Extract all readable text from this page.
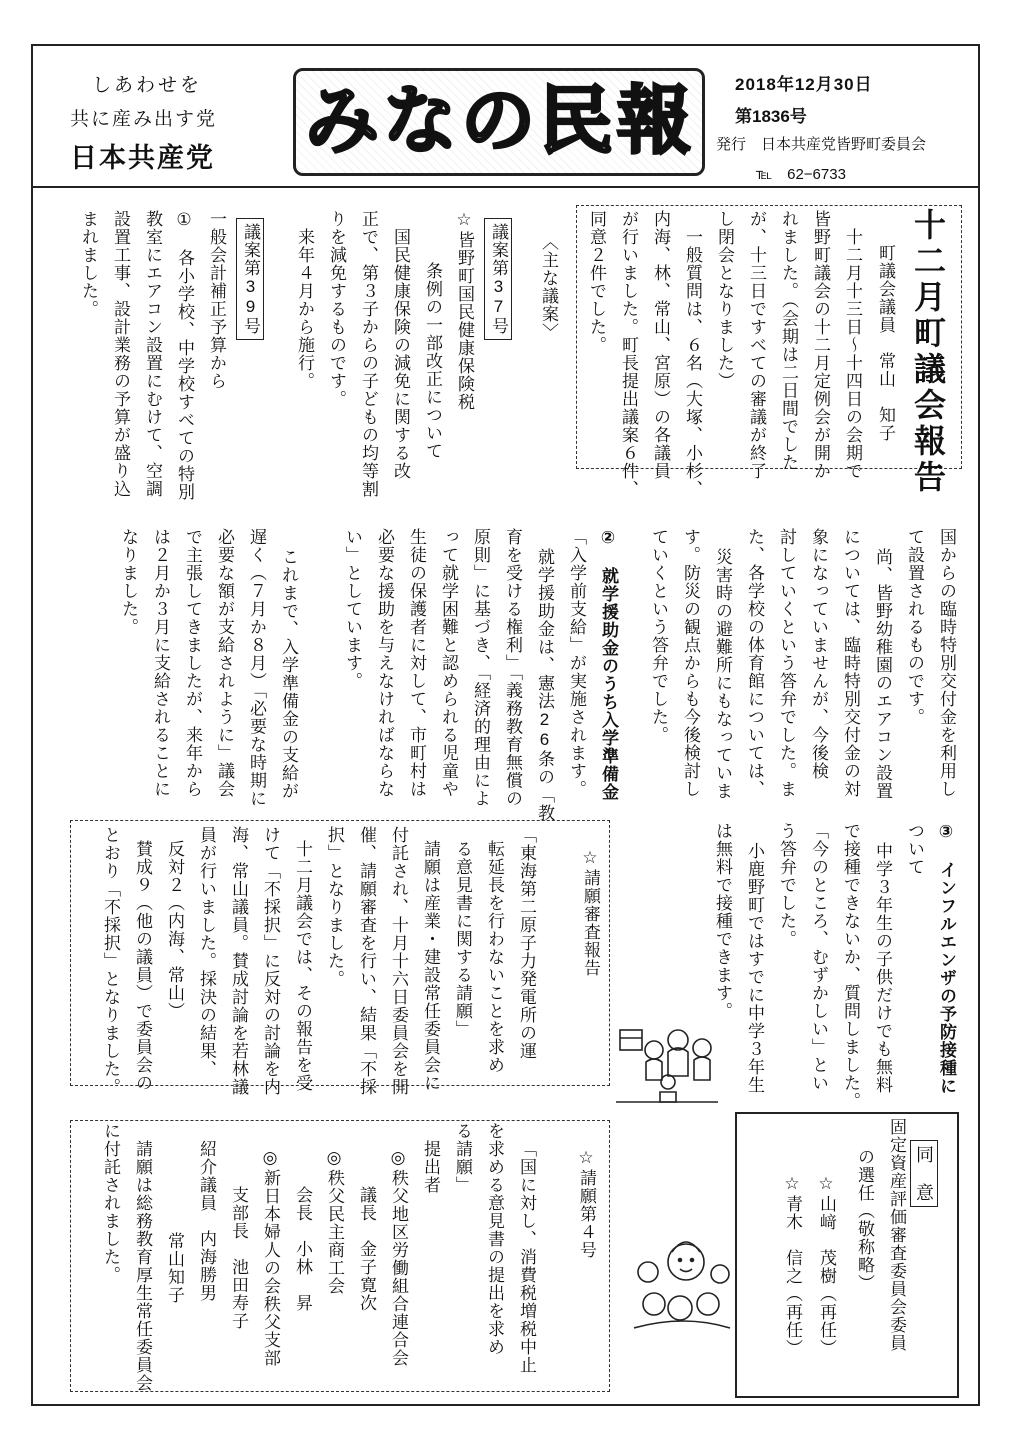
しあわせを
共に産み出す党
日本共産党 みなの民報 2018年12月30日
第1836号
発行　日本共産党皆野町委員会
℡　62−6733
十二月町議会報告
町議会議員　常山　知子
十二月十三日〜十四日の会期で
皆野町議会の十二月定例会が開か
れました。（会期は二日間でした
が、十三日ですべての審議が終了
し閉会となりました）
一般質問は、６名（大塚、小杉、
内海、林、常山、宮原）の各議員
が行いました。町長提出議案６件、
同意２件でした。
〈主な議案〉
議案第37号
☆皆野町国民健康保険税
条例の一部改正について
国民健康保険の減免に関する改
正で、第３子からの子どもの均等割
りを減免するものです。
来年４月から施行。
議案第39号
一般会計補正予算から
①　各小学校、中学校すべての特別
教室にエアコン設置にむけて、空調
設置工事、設計業務の予算が盛り込
まれました。
国からの臨時特別交付金を利用し
て設置されるものです。
尚、皆野幼稚園のエアコン設置
については、臨時特別交付金の対
象になっていませんが、今後検
討していくという答弁でした。ま
た、各学校の体育館については、
災害時の避難所にもなっていま
す。防災の観点からも今後検討し
ていくという答弁でした。
②　就学援助金のうち入学準備金
「入学前支給」が実施されます。
就学援助金は、憲法26条の「教
育を受ける権利」「義務教育無償の
原則」に基づき、「経済的理由によ
って就学困難と認められる児童や
生徒の保護者に対して、市町村は
必要な援助を与えなければならな
い」としています。
これまで、入学準備金の支給が
遅く（７月か８月）「必要な時期に
必要な額が支給されように」議会
で主張してきましたが、来年から
は２月か３月に支給されることに
なりました。
③　インフルエンザの予防接種に
ついて
中学３年生の子供だけでも無料
で接種できないか、質問しました。
「今のところ、むずかしい」とい
う答弁でした。
小鹿野町ではすでに中学３年生
は無料で接種できます。
☆請願審査報告
「東海第二原子力発電所の運
転延長を行わないことを求め
る意見書に関する請願」
請願は産業・建設常任委員会に
付託され、十月十六日委員会を開
催、請願審査を行い、結果「不採
択」となりました。
十二月議会では、その報告を受
けて「不採択」に反対の討論を内
海、常山議員。賛成討論を若林議
員が行いました。採決の結果、
反対２（内海、常山）
賛成９（他の議員）で委員会の
とおり「不採択」となりました。
☆請願第４号
「国に対し、消費税増税中止
を求める意見書の提出を求め
る請願」
提出者
◎秩父地区労働組合連合会
議長　金子寛次
◎秩父民主商工会
会長　小林　昇
◎新日本婦人の会秩父支部
支部長　池田寿子
紹介議員　内海勝男
常山知子
請願は総務教育厚生常任委員会
に付託されました。	同　意
固定資産評価審査委員会委員
の選任（敬称略）
☆山﨑　茂樹（再任）
☆青木　信之（再任）
